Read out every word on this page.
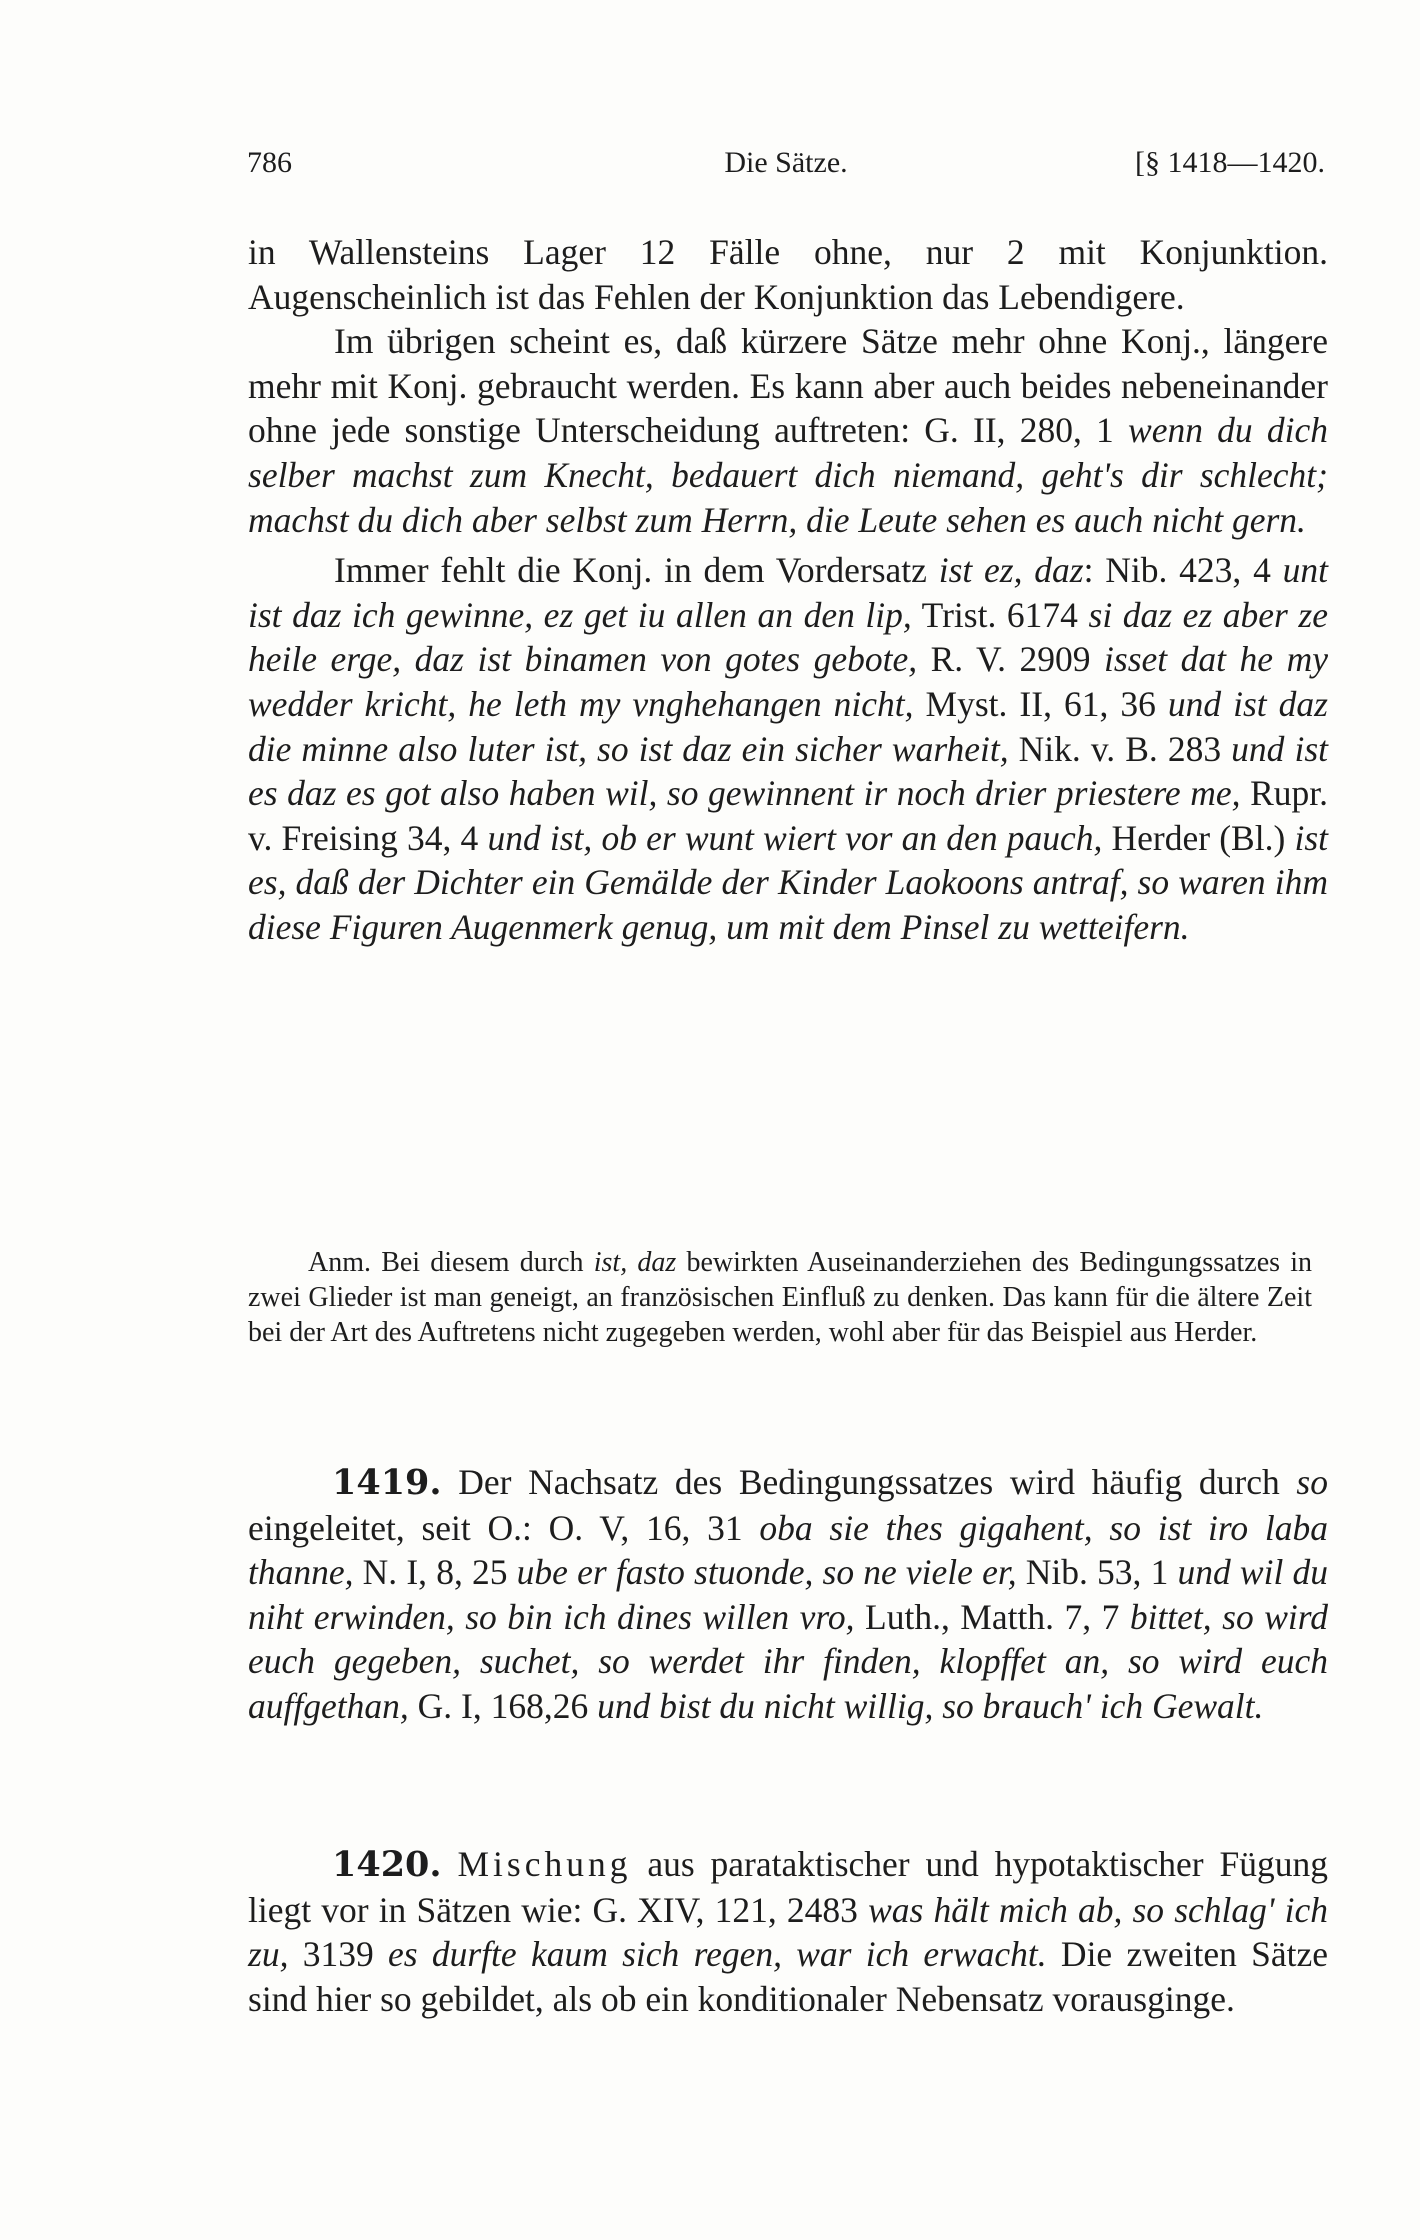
786	Die Sätze.	[§ 1418—1420.

in Wallensteins Lager 12 Fälle ohne, nur 2 mit Konjunktion. Augenscheinlich ist das Fehlen der Konjunktion das Lebendigere.

Im übrigen scheint es, daß kürzere Sätze mehr ohne Konj., längere mehr mit Konj. gebraucht werden. Es kann aber auch beides nebeneinander ohne jede sonstige Unterscheidung auftreten: G. II, 280, 1 wenn du dich selber machst zum Knecht, bedauert dich niemand, geht's dir schlecht; machst du dich aber selbst zum Herrn, die Leute sehen es auch nicht gern.

Immer fehlt die Konj. in dem Vordersatz ist ez, daz: Nib. 423, 4 unt ist daz ich gewinne, ez get iu allen an den lip, Trist. 6174 si daz ez aber ze heile erge, daz ist binamen von gotes gebote, R. V. 2909 isset dat he my wedder kricht, he leth my vnghehangen nicht, Myst. II, 61, 36 und ist daz die minne also luter ist, so ist daz ein sicher warheit, Nik. v. B. 283 und ist es daz es got also haben wil, so gewinnent ir noch drier priestere me, Rupr. v. Freising 34, 4 und ist, ob er wunt wiert vor an den pauch, Herder (Bl.) ist es, daß der Dichter ein Gemälde der Kinder Laokoons antraf, so waren ihm diese Figuren Augenmerk genug, um mit dem Pinsel zu wetteifern.

Anm. Bei diesem durch ist, daz bewirkten Auseinanderziehen des Bedingungssatzes in zwei Glieder ist man geneigt, an französischen Einfluß zu denken. Das kann für die ältere Zeit bei der Art des Auftretens nicht zugegeben werden, wohl aber für das Beispiel aus Herder.

1419. Der Nachsatz des Bedingungssatzes wird häufig durch so eingeleitet, seit O.: O. V, 16, 31 oba sie thes gigahent, so ist iro laba thanne, N. I, 8, 25 ube er fasto stuonde, so ne viele er, Nib. 53, 1 und wil du niht erwinden, so bin ich dines willen vro, Luth., Matth. 7, 7 bittet, so wird euch gegeben, suchet, so werdet ihr finden, klopffet an, so wird euch auffgethan, G. I, 168,26 und bist du nicht willig, so brauch' ich Gewalt.

1420. Mischung aus parataktischer und hypotaktischer Fügung liegt vor in Sätzen wie: G. XIV, 121, 2483 was hält mich ab, so schlag' ich zu, 3139 es durfte kaum sich regen, war ich erwacht. Die zweiten Sätze sind hier so gebildet, als ob ein konditionaler Nebensatz vorausginge.
